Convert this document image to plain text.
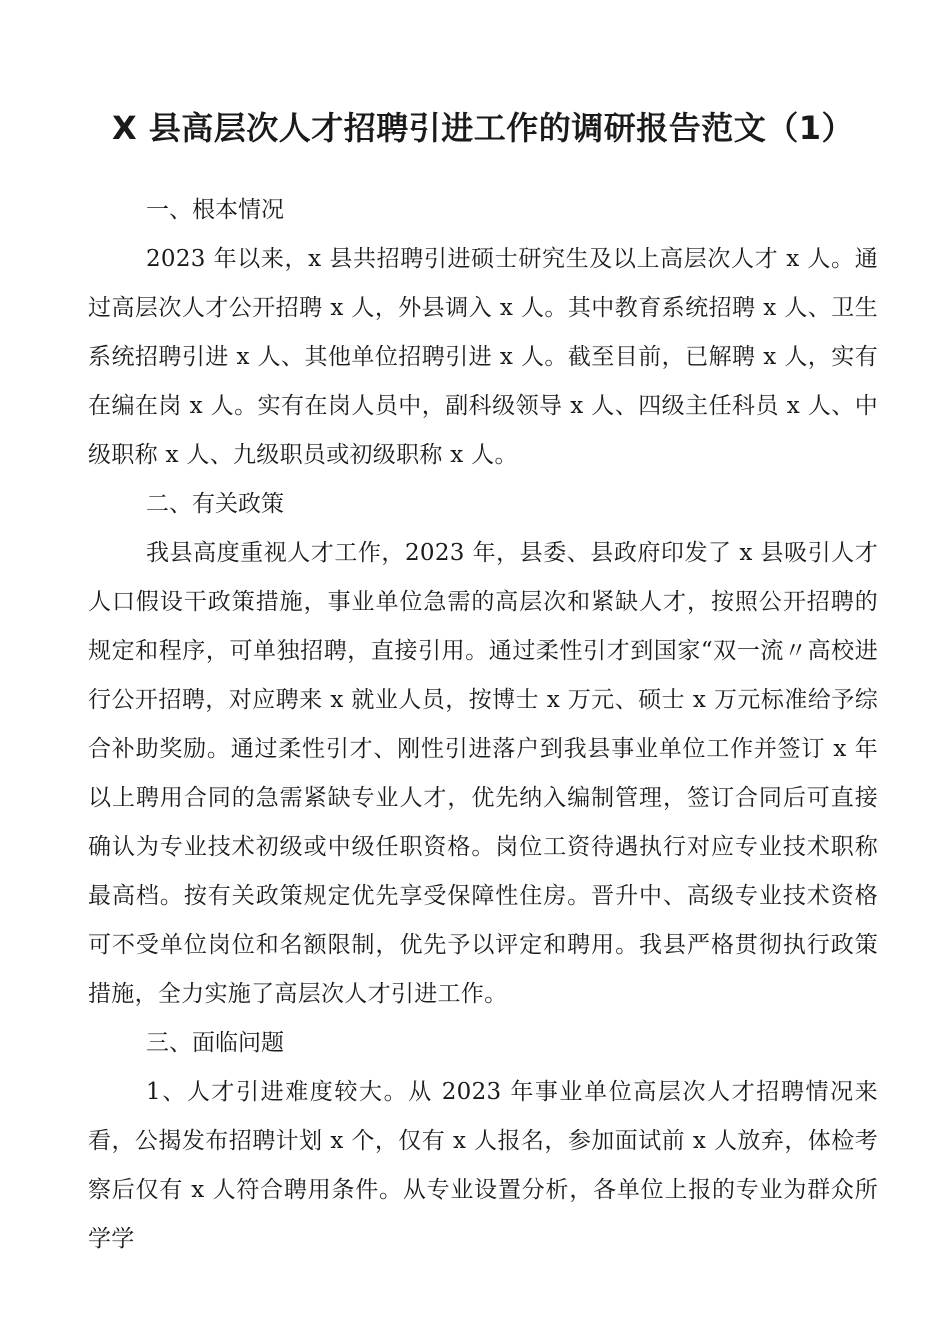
X 县高层次人才招聘引进工作的调研报告范文（1）

一、根本情况

2023 年以来，x 县共招聘引进硕士研究生及以上高层次人才 x 人。通过高层次人才公开招聘 x 人，外县调入 x 人。其中教育系统招聘 x 人、卫生系统招聘引进 x 人、其他单位招聘引进 x 人。截至目前，已解聘 x 人，实有在编在岗 x 人。实有在岗人员中，副科级领导 x 人、四级主任科员 x 人、中级职称 x 人、九级职员或初级职称 x 人。

二、有关政策

我县高度重视人才工作，2023 年，县委、县政府印发了 x 县吸引人才人口假设干政策措施，事业单位急需的高层次和紧缺人才，按照公开招聘的规定和程序，可单独招聘，直接引用。通过柔性引才到国家“双一流〃高校进行公开招聘，对应聘来 x 就业人员，按博士 x 万元、硕士 x 万元标准给予综合补助奖励。通过柔性引才、刚性引进落户到我县事业单位工作并签订 x 年以上聘用合同的急需紧缺专业人才，优先纳入编制管理，签订合同后可直接确认为专业技术初级或中级任职资格。岗位工资待遇执行对应专业技术职称最高档。按有关政策规定优先享受保障性住房。晋升中、高级专业技术资格可不受单位岗位和名额限制，优先予以评定和聘用。我县严格贯彻执行政策措施，全力实施了高层次人才引进工作。

三、面临问题

1、人才引进难度较大。从 2023 年事业单位高层次人才招聘情况来看，公揭发布招聘计划 x 个，仅有 x 人报名，参加面试前 x 人放弃，体检考察后仅有 x 人符合聘用条件。从专业设置分析，各单位上报的专业为群众所学学
